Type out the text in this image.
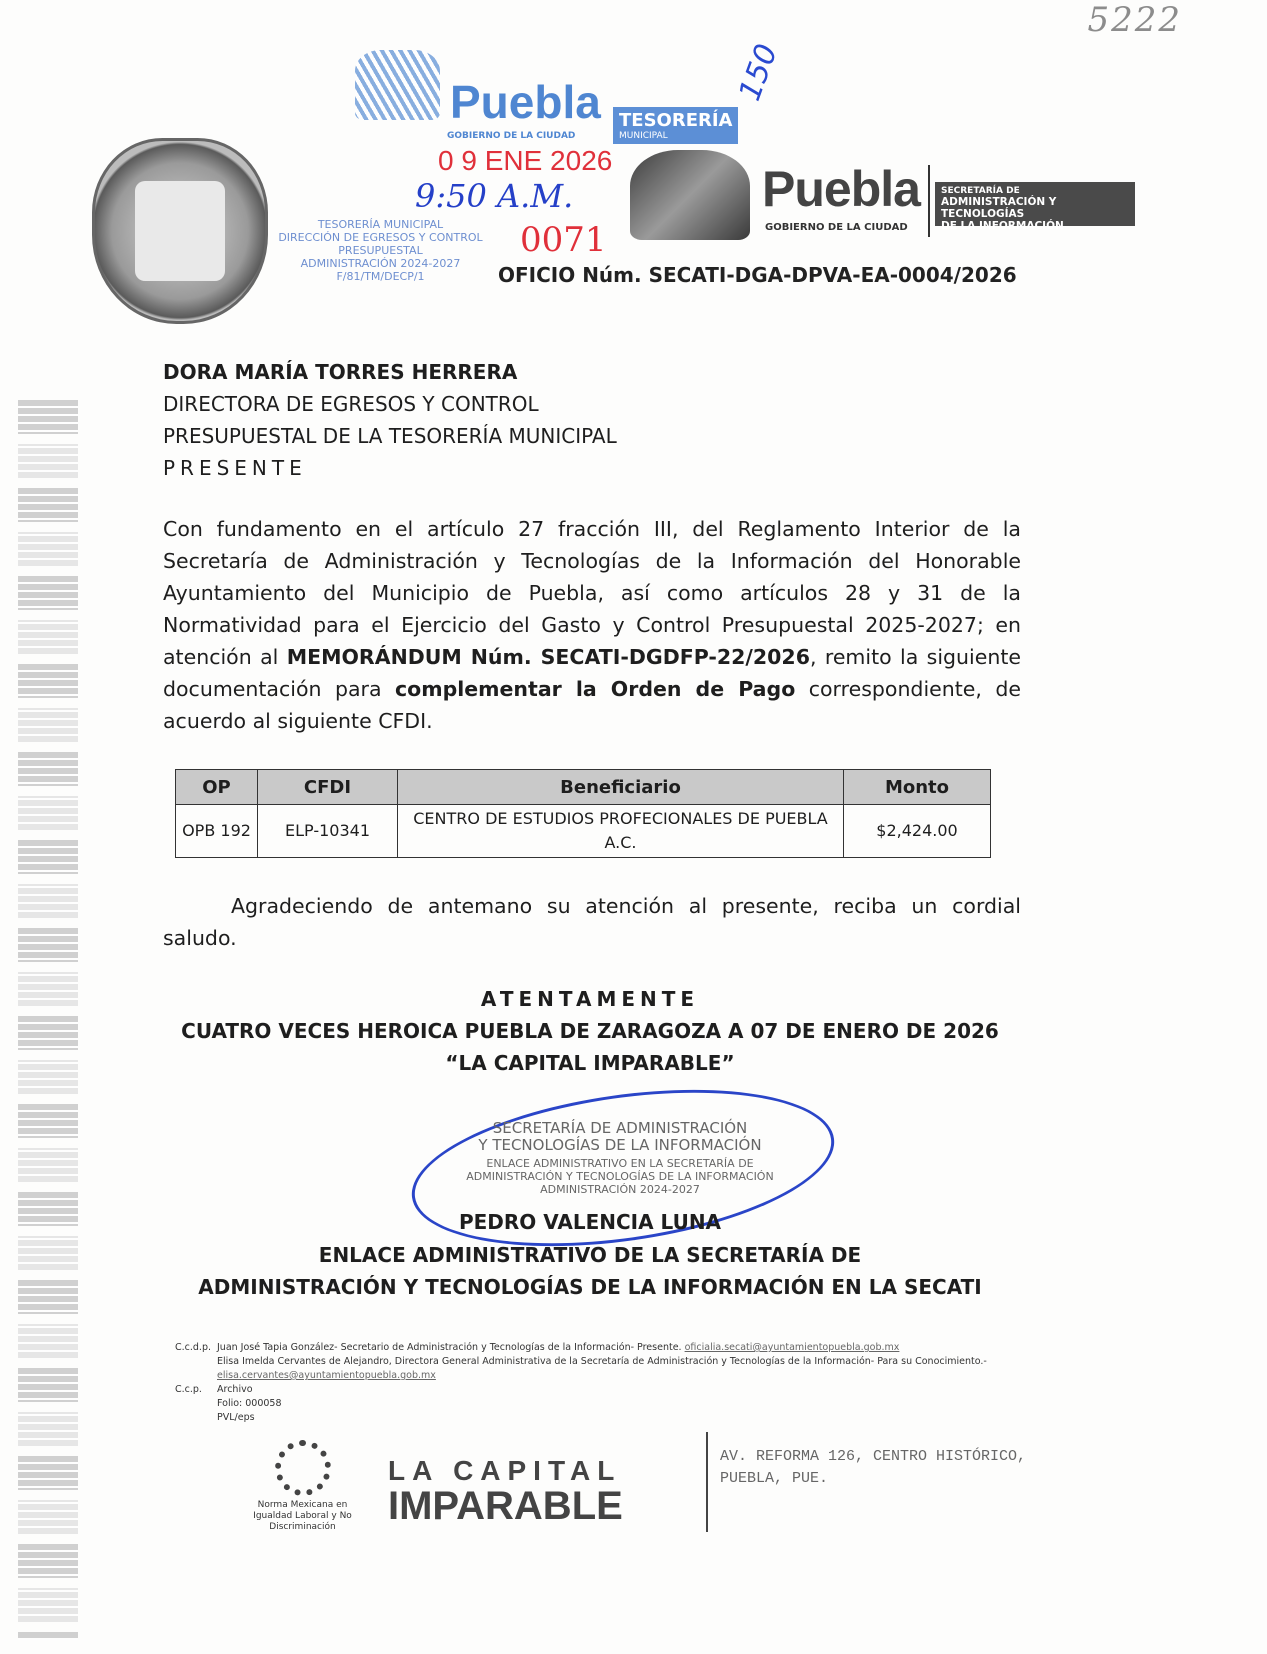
5222
Puebla
GOBIERNO DE LA CIUDAD
TESORERÍA
MUNICIPAL
150
0 9 ENE 2026
9:50 A.M.
TESORERÍA MUNICIPAL
DIRECCIÓN DE EGRESOS Y CONTROL
PRESUPUESTAL
ADMINISTRACIÓN 2024-2027
F/81/TM/DECP/1
0071
Puebla
GOBIERNO DE LA CIUDAD
SECRETARÍA DE
ADMINISTRACIÓN Y TECNOLOGÍAS
DE LA INFORMACIÓN
OFICIO Núm. SECATI-DGA-DPVA-EA-0004/2026
DORA MARÍA TORRES HERRERA
DIRECTORA DE EGRESOS Y CONTROL
PRESUPUESTAL DE LA TESORERÍA MUNICIPAL
PRESENTE
Con fundamento en el artículo 27 fracción III, del Reglamento Interior de la Secretaría de Administración y Tecnologías de la Información del Honorable Ayuntamiento del Municipio de Puebla, así como artículos 28 y 31 de la Normatividad para el Ejercicio del Gasto y Control Presupuestal 2025-2027; en atención al MEMORÁNDUM Núm. SECATI-DGDFP-22/2026, remito la siguiente documentación para complementar la Orden de Pago correspondiente, de acuerdo al siguiente CFDI.
OP	CFDI	Beneficiario	Monto
OPB 192	ELP-10341	CENTRO DE ESTUDIOS PROFECIONALES DE PUEBLA A.C.	$2,424.00
Agradeciendo de antemano su atención al presente, reciba un cordial saludo.
ATENTAMENTE
CUATRO VECES HEROICA PUEBLA DE ZARAGOZA A 07 DE ENERO DE 2026
“LA CAPITAL IMPARABLE”
SECRETARÍA DE ADMINISTRACIÓN
Y TECNOLOGÍAS DE LA INFORMACIÓN
ENLACE ADMINISTRATIVO EN LA SECRETARÍA DE
ADMINISTRACIÓN Y TECNOLOGÍAS DE LA INFORMACIÓN
ADMINISTRACIÓN 2024-2027
PEDRO VALENCIA LUNA
ENLACE ADMINISTRATIVO DE LA SECRETARÍA DE
ADMINISTRACIÓN Y TECNOLOGÍAS DE LA INFORMACIÓN EN LA SECATI
C.c.d.p. Juan José Tapia González- Secretario de Administración y Tecnologías de la Información- Presente. oficialia.secati@ayuntamientopuebla.gob.mx
Elisa Imelda Cervantes de Alejandro, Directora General Administrativa de la Secretaría de Administración y Tecnologías de la Información- Para su Conocimiento.-
elisa.cervantes@ayuntamientopuebla.gob.mx
C.c.p. Archivo
Folio: 000058
PVL/eps
Norma Mexicana en Igualdad Laboral y No Discriminación
LA CAPITAL
IMPARABLE
AV. REFORMA 126, CENTRO HISTÓRICO,
PUEBLA, PUE.
